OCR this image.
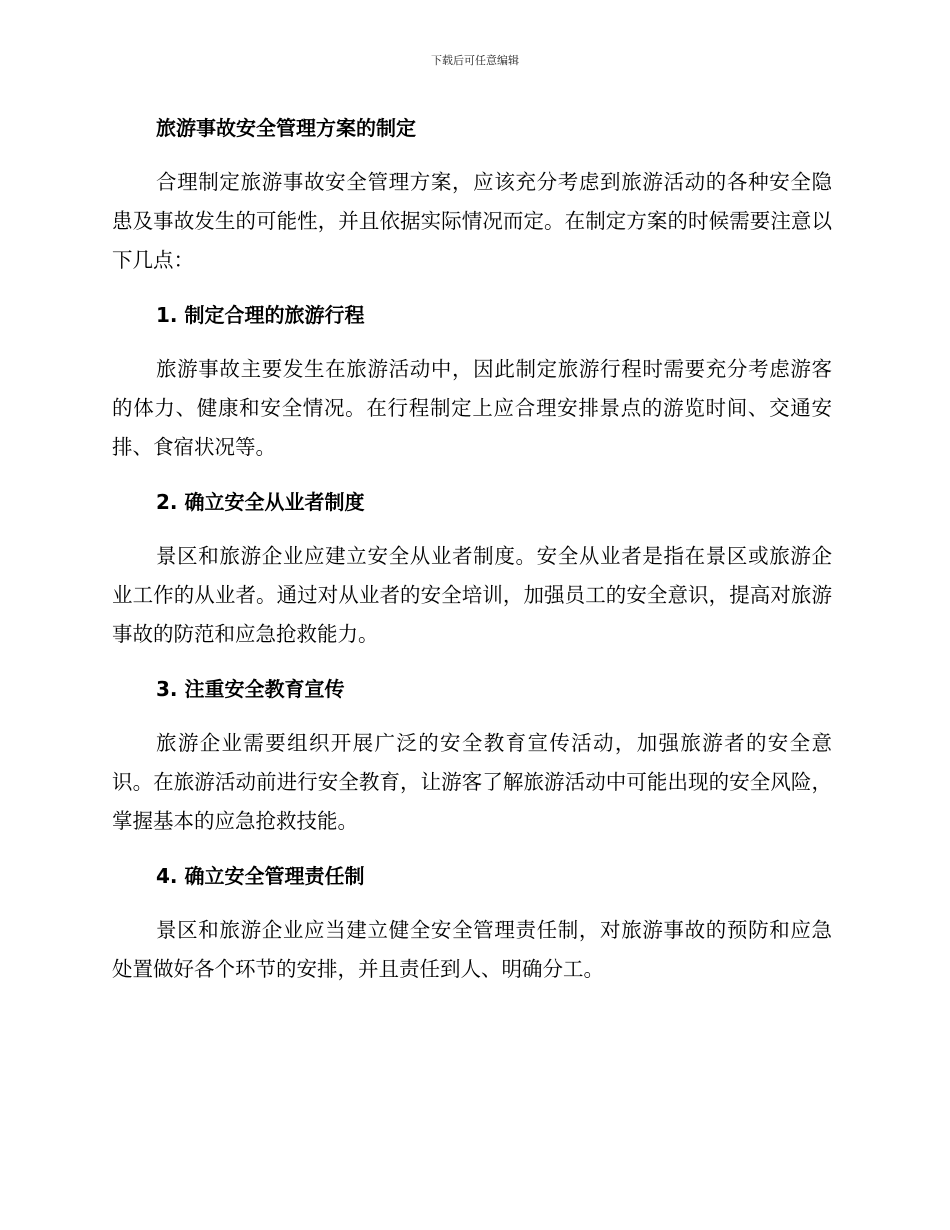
下载后可任意编辑
旅游事故安全管理方案的制定

合理制定旅游事故安全管理方案，应该充分考虑到旅游活动的各种安全隐患及事故发生的可能性，并且依据实际情况而定。在制定方案的时候需要注意以下几点：

1. 制定合理的旅游行程

旅游事故主要发生在旅游活动中，因此制定旅游行程时需要充分考虑游客的体力、健康和安全情况。在行程制定上应合理安排景点的游览时间、交通安排、食宿状况等。

2. 确立安全从业者制度

景区和旅游企业应建立安全从业者制度。安全从业者是指在景区或旅游企业工作的从业者。通过对从业者的安全培训，加强员工的安全意识，提高对旅游事故的防范和应急抢救能力。

3. 注重安全教育宣传

旅游企业需要组织开展广泛的安全教育宣传活动，加强旅游者的安全意识。在旅游活动前进行安全教育，让游客了解旅游活动中可能出现的安全风险，掌握基本的应急抢救技能。

4. 确立安全管理责任制

景区和旅游企业应当建立健全安全管理责任制，对旅游事故的预防和应急处置做好各个环节的安排，并且责任到人、明确分工。
